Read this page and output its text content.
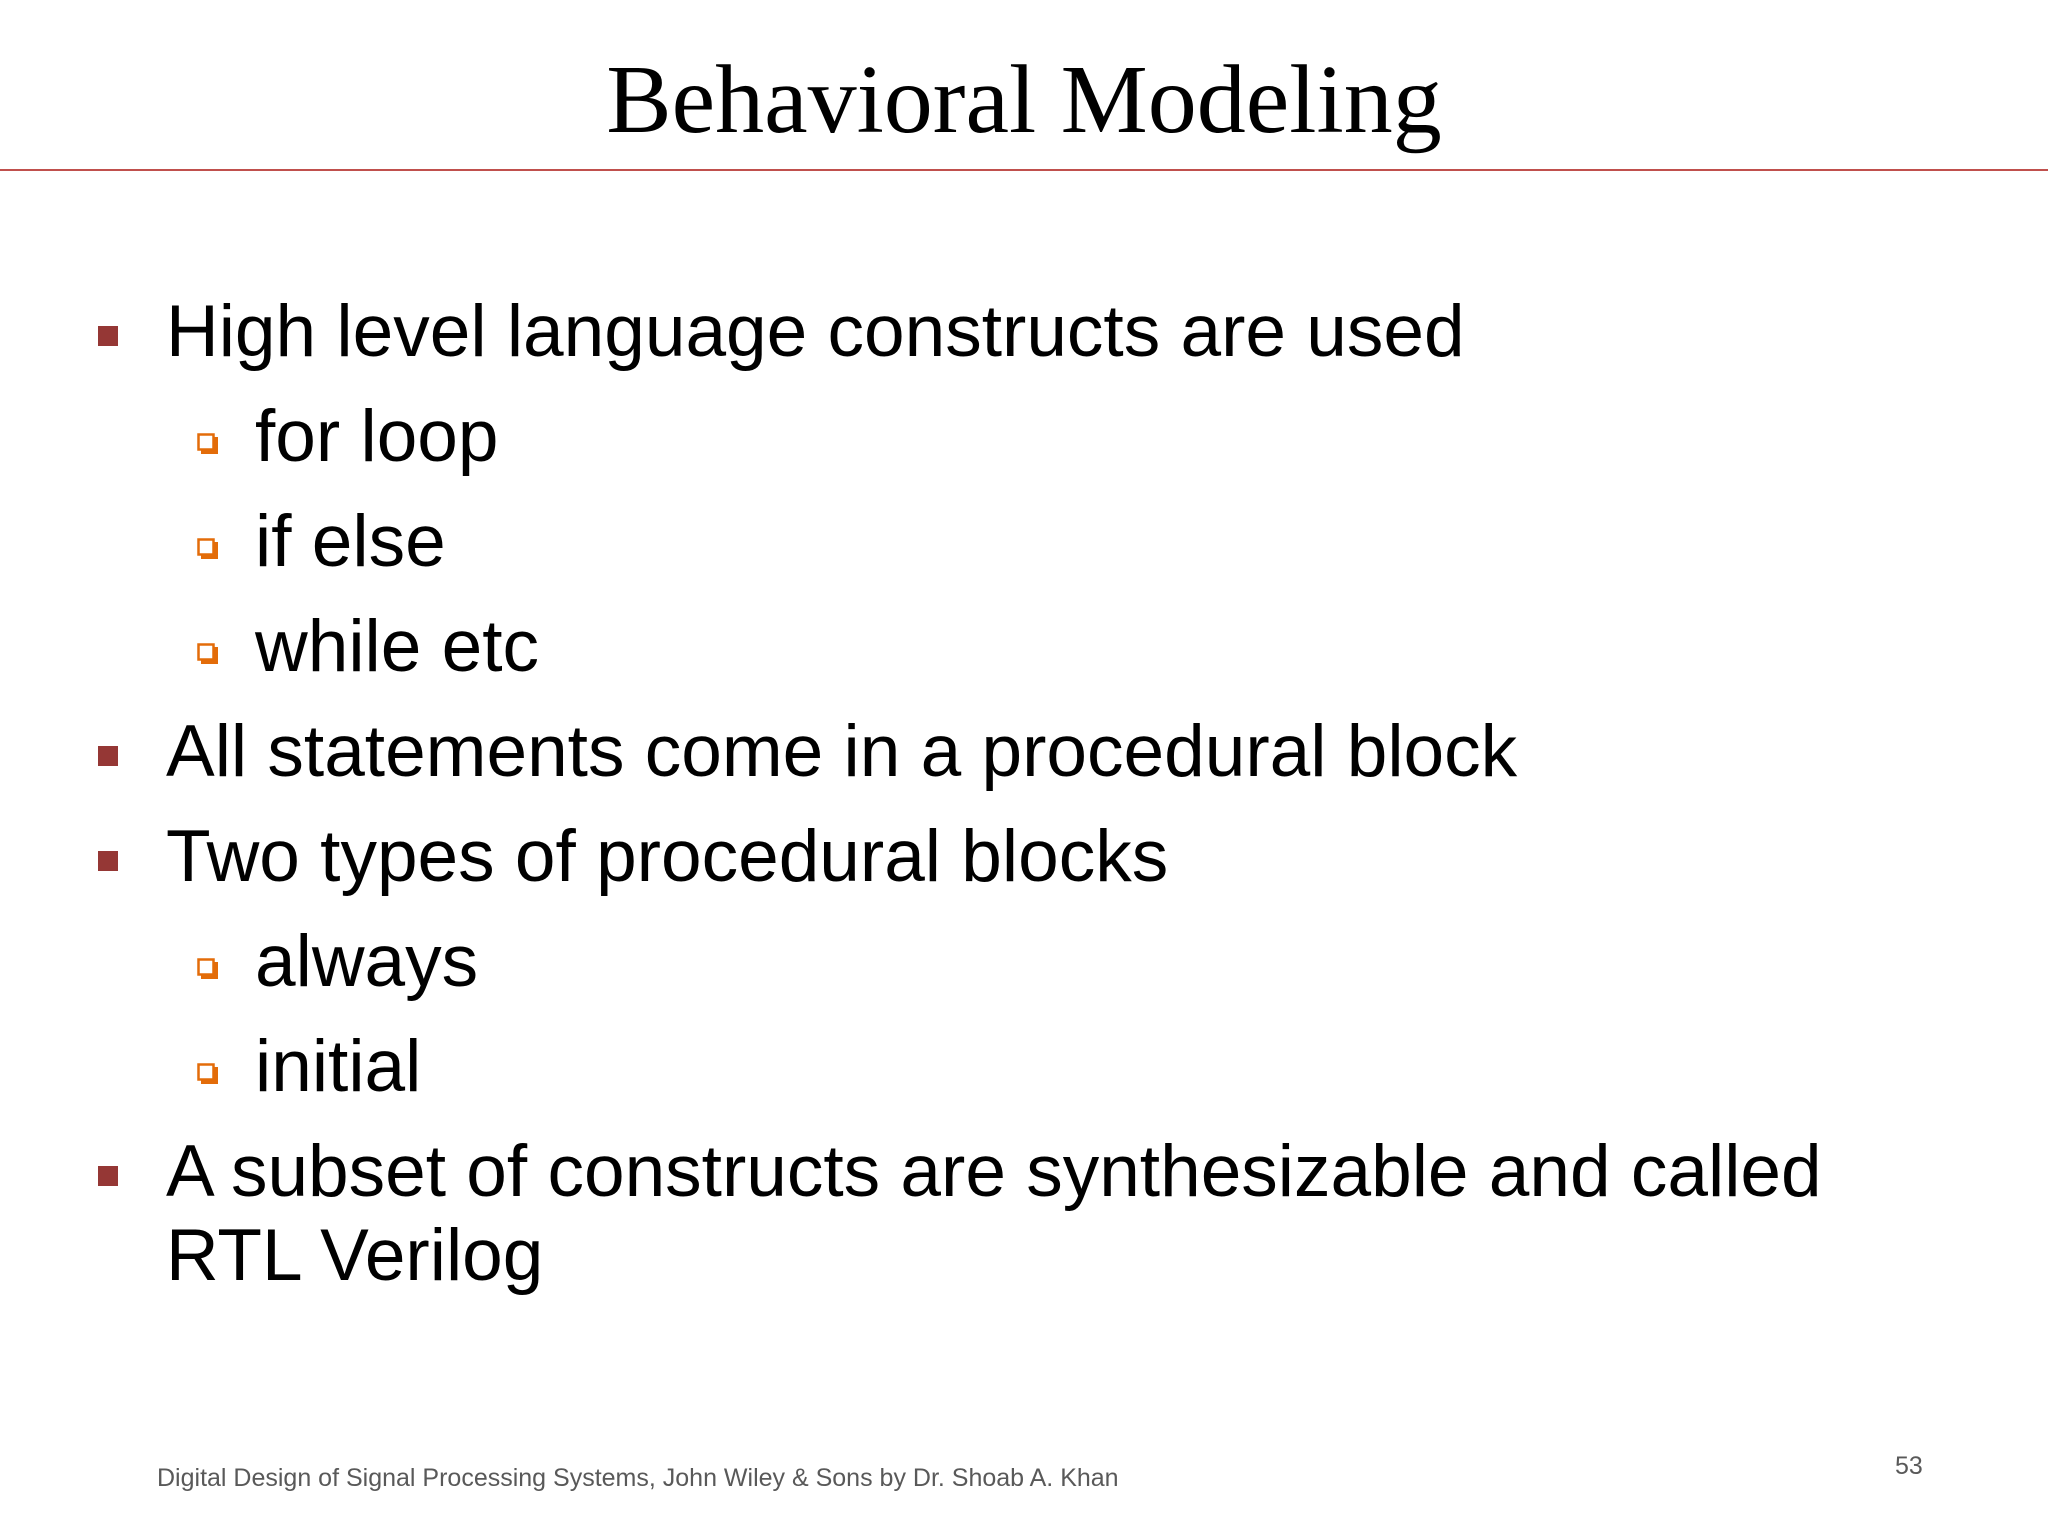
Behavioral Modeling
High level language constructs are used
for loop
if else
while etc
All statements come in a procedural block
Two types of procedural blocks
always
initial
A subset of constructs are synthesizable and called
RTL Verilog
Digital Design of Signal Processing Systems, John Wiley & Sons by Dr. Shoab A. Khan	53
